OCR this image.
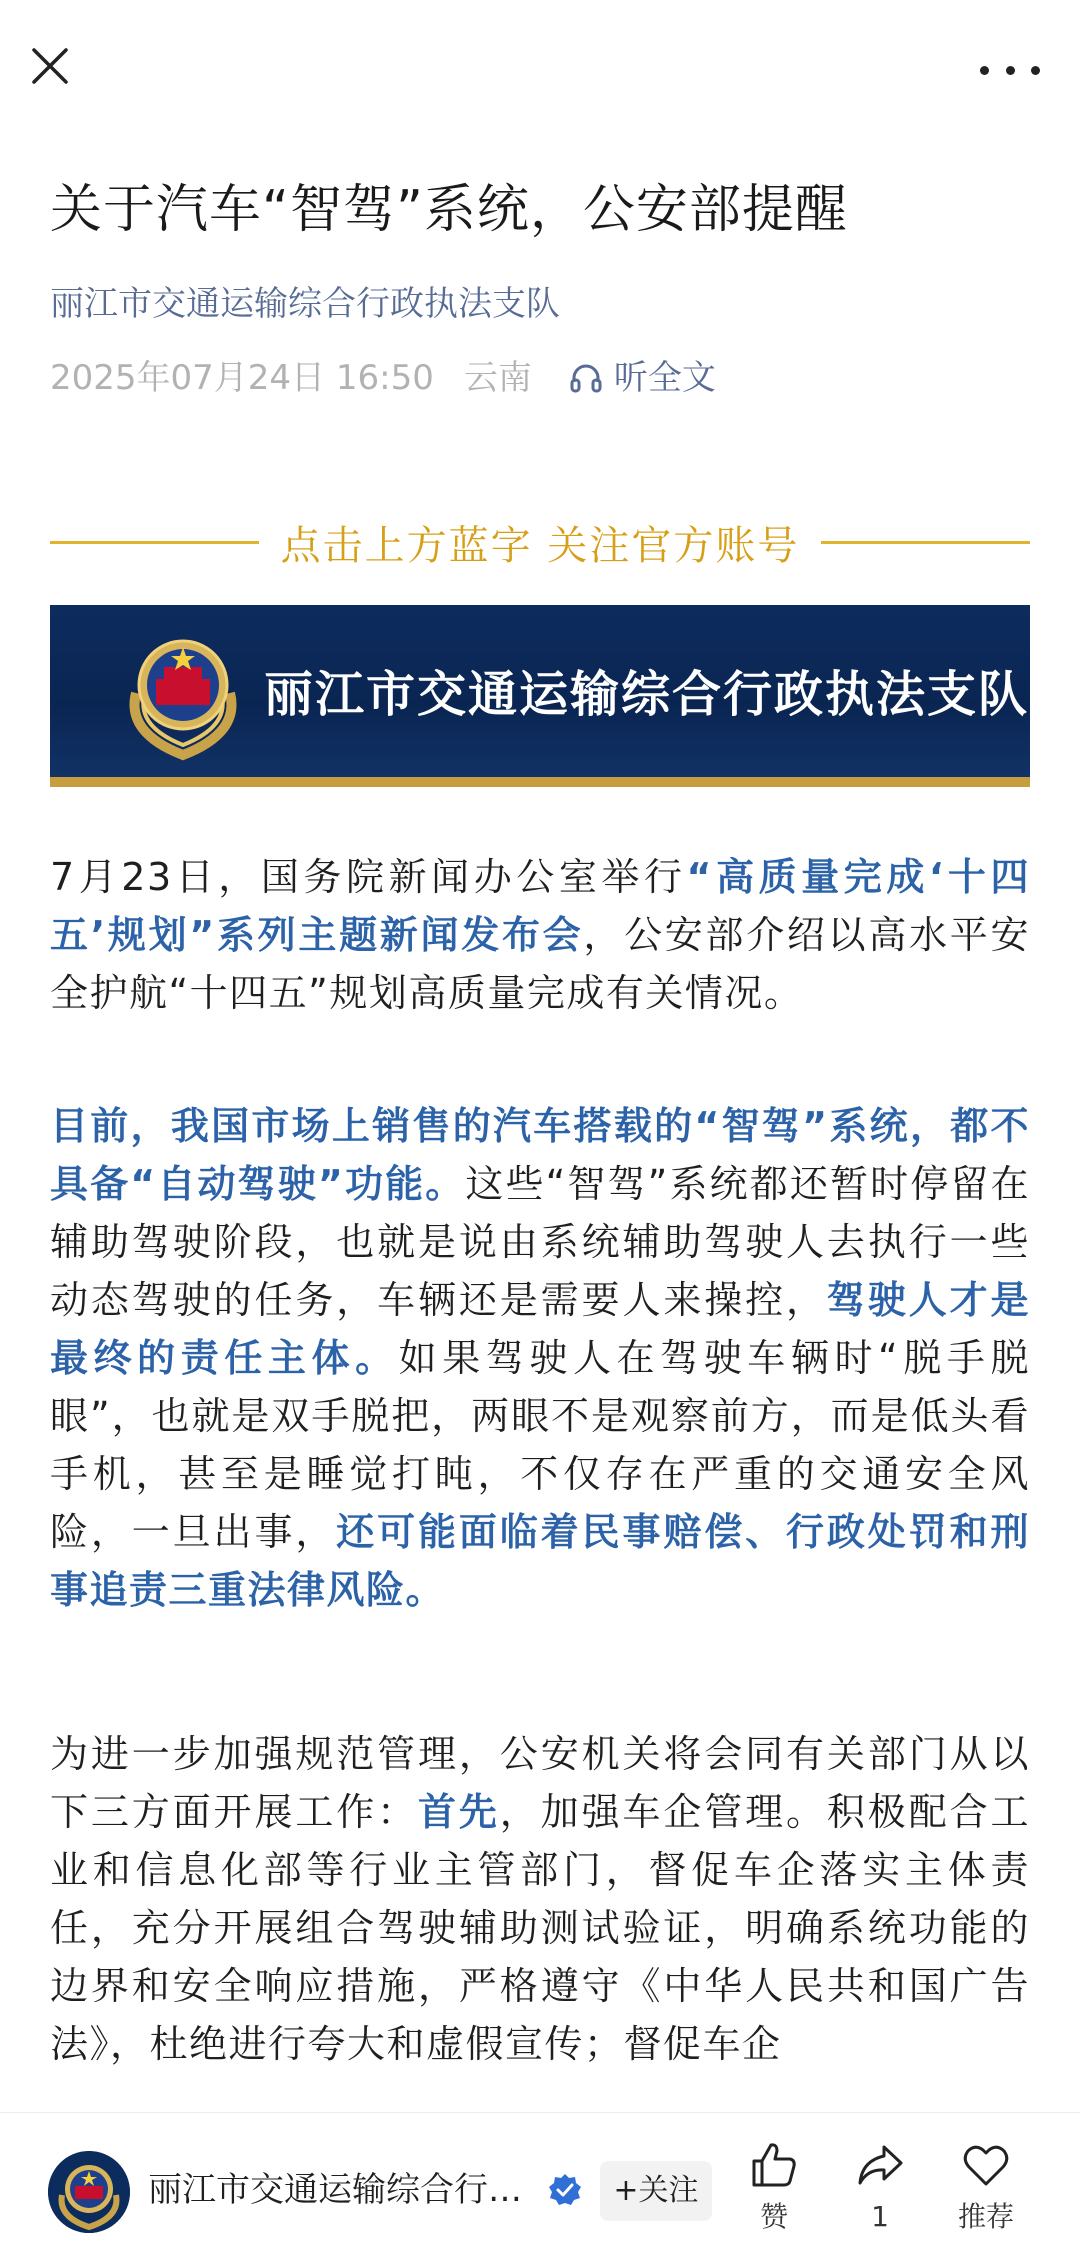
关于汽车“智驾”系统，公安部提醒
丽江市交通运输综合行政执法支队
2025年07月24日 16:50 云南 听全文
点击上方蓝字 关注官方账号
丽江市交通运输综合行政执法支队

7月23日，国务院新闻办公室举行“高质量完成‘十四五’规划”系列主题新闻发布会，公安部介绍以高水平安全护航“十四五”规划高质量完成有关情况。

目前，我国市场上销售的汽车搭载的“智驾”系统，都不具备“自动驾驶”功能。这些“智驾”系统都还暂时停留在辅助驾驶阶段，也就是说由系统辅助驾驶人去执行一些动态驾驶的任务，车辆还是需要人来操控，驾驶人才是最终的责任主体。如果驾驶人在驾驶车辆时“脱手脱眼”，也就是双手脱把，两眼不是观察前方，而是低头看手机，甚至是睡觉打盹，不仅存在严重的交通安全风险，一旦出事，还可能面临着民事赔偿、行政处罚和刑事追责三重法律风险。

为进一步加强规范管理，公安机关将会同有关部门从以下三方面开展工作：首先，加强车企管理。积极配合工业和信息化部等行业主管部门，督促车企落实主体责任，充分开展组合驾驶辅助测试验证，明确系统功能的边界和安全响应措施，严格遵守《中华人民共和国广告法》，杜绝进行夸大和虚假宣传；督促车企

丽江市交通运输综合行…	+关注
赞	1	推荐
